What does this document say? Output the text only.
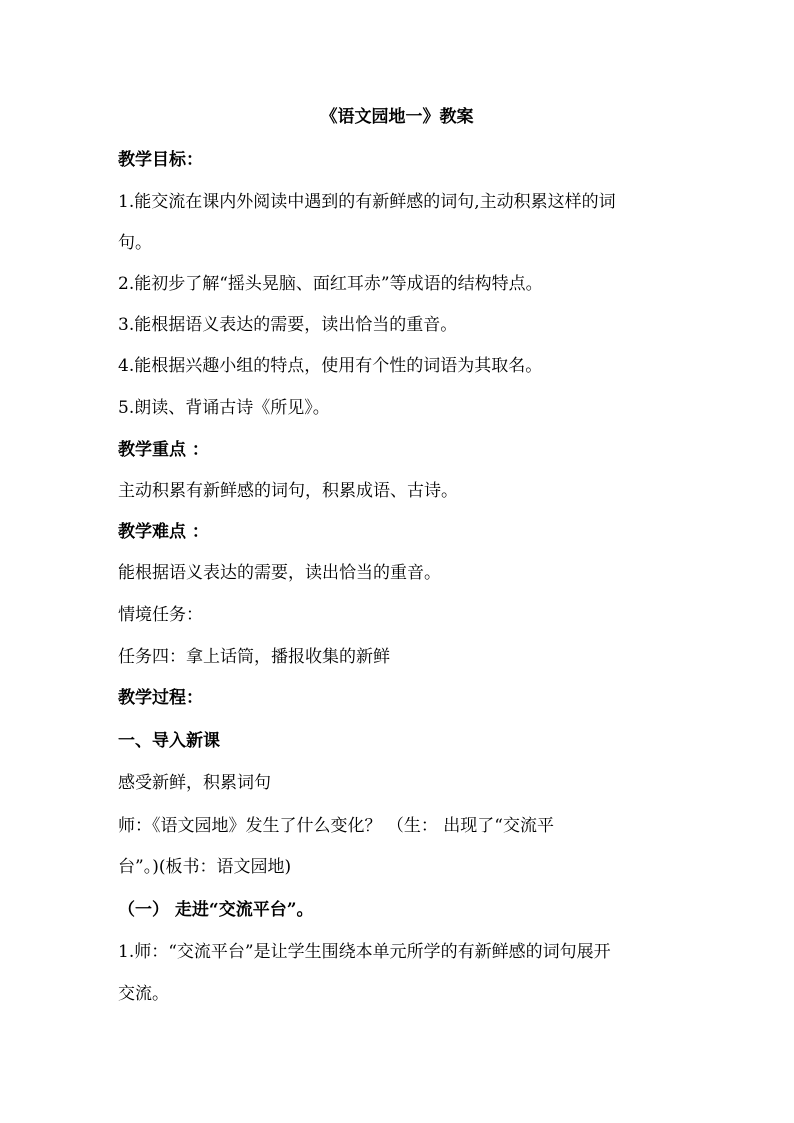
《语文园地一》教案
教学目标：
1.能交流在课内外阅读中遇到的有新鲜感的词句,主动积累这样的词
句。
2.能初步了解“摇头晃脑、面红耳赤”等成语的结构特点。
3.能根据语义表达的需要，读出恰当的重音。
4.能根据兴趣小组的特点，使用有个性的词语为其取名。
5.朗读、背诵古诗《所见》。
教学重点 ：
主动积累有新鲜感的词句，积累成语、古诗。
教学难点 ：
能根据语义表达的需要，读出恰当的重音。
情境任务：
任务四：拿上话筒，播报收集的新鲜
教学过程：
一、导入新课
感受新鲜，积累词句
师：《语文园地》发生了什么变化？ （生： 出现了“交流平
台”。)(板书：语文园地)
（一） 走进“交流平台”。
1.师：“交流平台”是让学生围绕本单元所学的有新鲜感的词句展开
交流。
